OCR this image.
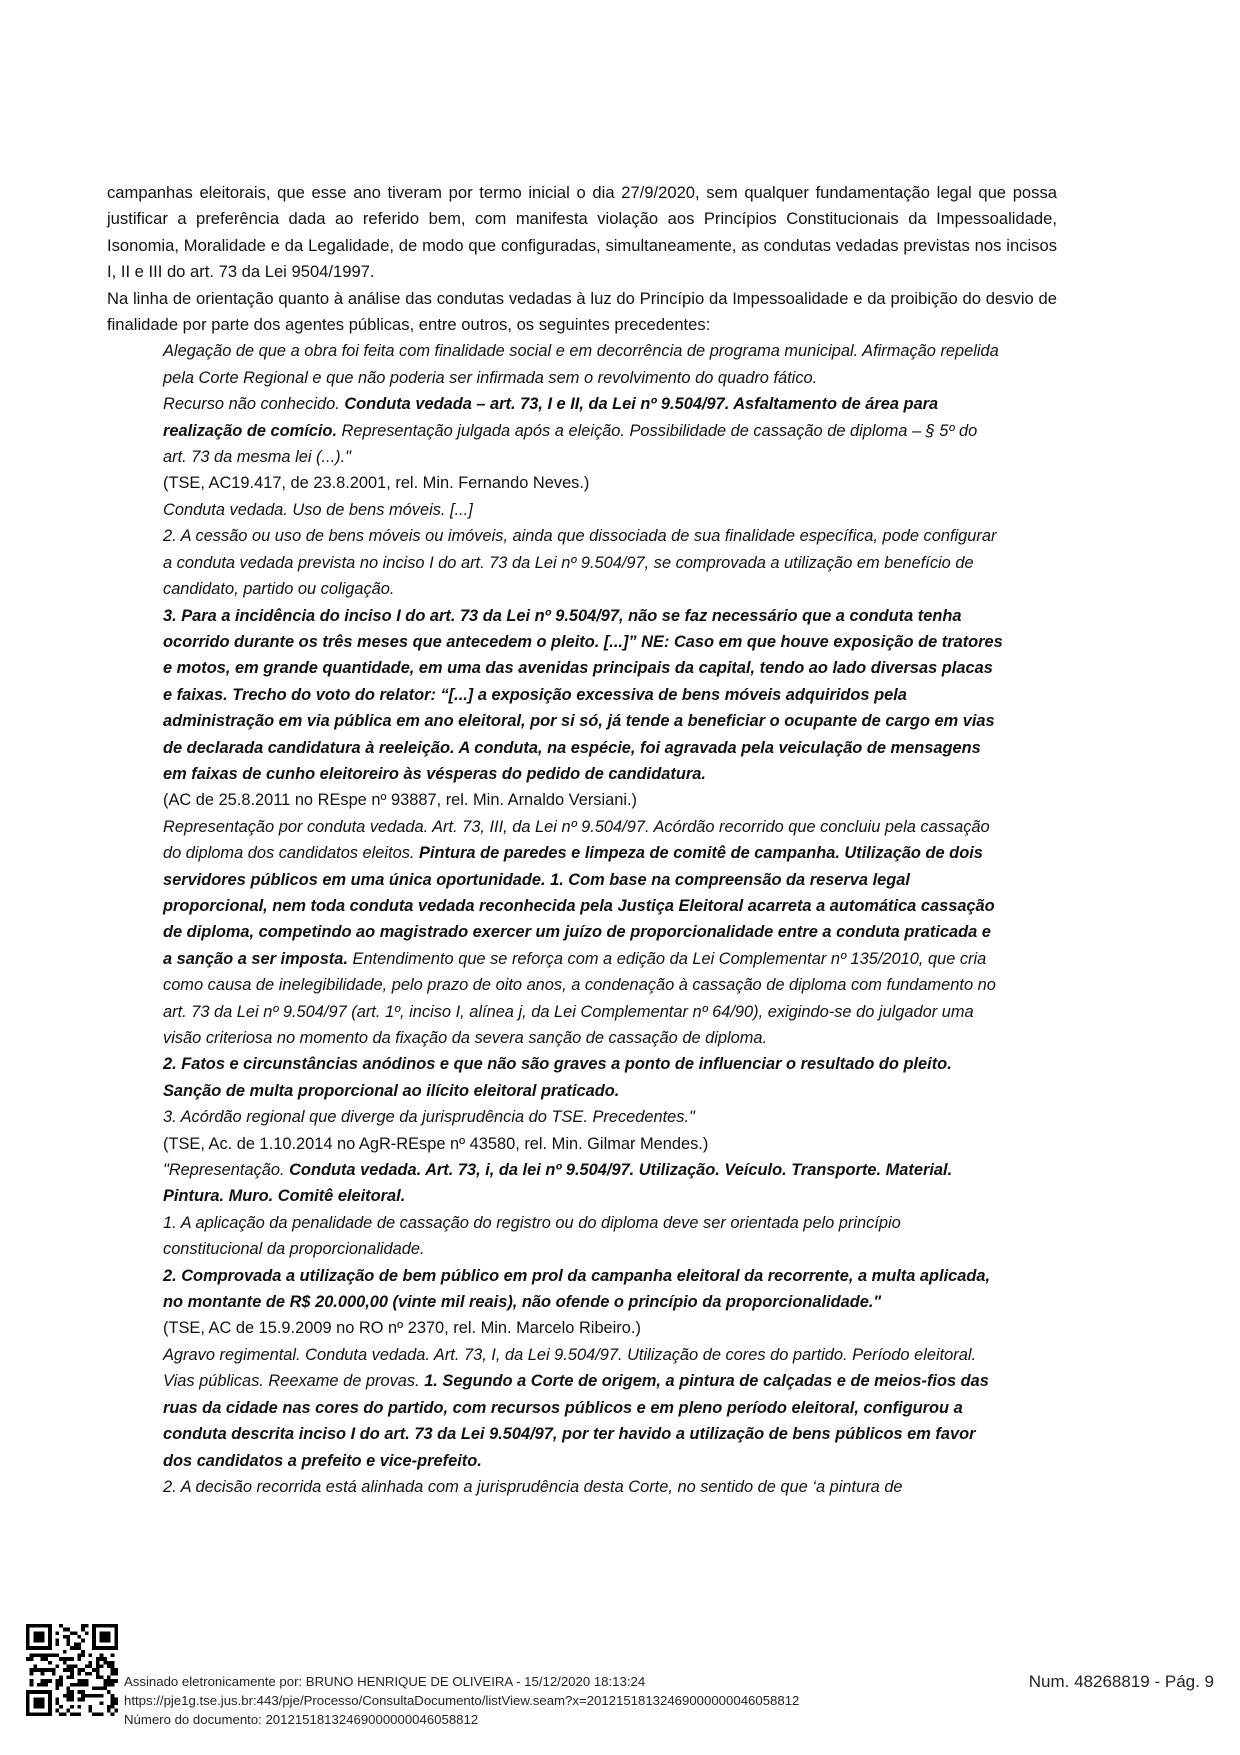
campanhas eleitorais, que esse ano tiveram por termo inicial o dia 27/9/2020, sem qualquer fundamentação legal que possa justificar a preferência dada ao referido bem, com manifesta violação aos Princípios Constitucionais da Impessoalidade, Isonomia, Moralidade e da Legalidade, de modo que configuradas, simultaneamente, as condutas vedadas previstas nos incisos I, II e III do art. 73 da Lei 9504/1997.

Na linha de orientação quanto à análise das condutas vedadas à luz do Princípio da Impessoalidade e da proibição do desvio de finalidade por parte dos agentes públicas, entre outros, os seguintes precedentes:

Alegação de que a obra foi feita com finalidade social e em decorrência de programa municipal. Afirmação repelida pela Corte Regional e que não poderia ser infirmada sem o revolvimento do quadro fático.

Recurso não conhecido. Conduta vedada – art. 73, I e II, da Lei nº 9.504/97. Asfaltamento de área para realização de comício. Representação julgada após a eleição. Possibilidade de cassação de diploma – § 5º do art. 73 da mesma lei (...)."

(TSE, AC19.417, de 23.8.2001, rel. Min. Fernando Neves.)

Conduta vedada. Uso de bens móveis. [...]

2. A cessão ou uso de bens móveis ou imóveis, ainda que dissociada de sua finalidade específica, pode configurar a conduta vedada prevista no inciso I do art. 73 da Lei nº 9.504/97, se comprovada a utilização em benefício de candidato, partido ou coligação.

3. Para a incidência do inciso I do art. 73 da Lei nº 9.504/97, não se faz necessário que a conduta tenha ocorrido durante os três meses que antecedem o pleito. [...]” NE: Caso em que houve exposição de tratores e motos, em grande quantidade, em uma das avenidas principais da capital, tendo ao lado diversas placas e faixas. Trecho do voto do relator: “[...] a exposição excessiva de bens móveis adquiridos pela administração em via pública em ano eleitoral, por si só, já tende a beneficiar o ocupante de cargo em vias de declarada candidatura à reeleição. A conduta, na espécie, foi agravada pela veiculação de mensagens em faixas de cunho eleitoreiro às vésperas do pedido de candidatura.

(AC de 25.8.2011 no REspe nº 93887, rel. Min. Arnaldo Versiani.)

Representação por conduta vedada. Art. 73, III, da Lei nº 9.504/97. Acórdão recorrido que concluiu pela cassação do diploma dos candidatos eleitos. Pintura de paredes e limpeza de comitê de campanha. Utilização de dois servidores públicos em uma única oportunidade. 1. Com base na compreensão da reserva legal proporcional, nem toda conduta vedada reconhecida pela Justiça Eleitoral acarreta a automática cassação de diploma, competindo ao magistrado exercer um juízo de proporcionalidade entre a conduta praticada e a sanção a ser imposta. Entendimento que se reforça com a edição da Lei Complementar nº 135/2010, que cria como causa de inelegibilidade, pelo prazo de oito anos, a condenação à cassação de diploma com fundamento no art. 73 da Lei nº 9.504/97 (art. 1º, inciso I, alínea j, da Lei Complementar nº 64/90), exigindo-se do julgador uma visão criteriosa no momento da fixação da severa sanção de cassação de diploma.

2. Fatos e circunstâncias anódinos e que não são graves a ponto de influenciar o resultado do pleito. Sanção de multa proporcional ao ilícito eleitoral praticado.

3. Acórdão regional que diverge da jurisprudência do TSE. Precedentes."

(TSE, Ac. de 1.10.2014 no AgR-REspe nº 43580, rel. Min. Gilmar Mendes.)

"Representação. Conduta vedada. Art. 73, i, da lei nº 9.504/97. Utilização. Veículo. Transporte. Material. Pintura. Muro. Comitê eleitoral.

1. A aplicação da penalidade de cassação do registro ou do diploma deve ser orientada pelo princípio constitucional da proporcionalidade.

2. Comprovada a utilização de bem público em prol da campanha eleitoral da recorrente, a multa aplicada, no montante de R$ 20.000,00 (vinte mil reais), não ofende o princípio da proporcionalidade."

(TSE, AC de 15.9.2009 no RO nº 2370, rel. Min. Marcelo Ribeiro.)

Agravo regimental. Conduta vedada. Art. 73, I, da Lei 9.504/97. Utilização de cores do partido. Período eleitoral. Vias públicas. Reexame de provas. 1. Segundo a Corte de origem, a pintura de calçadas e de meios-fios das ruas da cidade nas cores do partido, com recursos públicos e em pleno período eleitoral, configurou a conduta descrita inciso I do art. 73 da Lei 9.504/97, por ter havido a utilização de bens públicos em favor dos candidatos a prefeito e vice-prefeito.

2. A decisão recorrida está alinhada com a jurisprudência desta Corte, no sentido de que ‘a pintura de

Assinado eletronicamente por: BRUNO HENRIQUE DE OLIVEIRA - 15/12/2020 18:13:24
https://pje1g.tse.jus.br:443/pje/Processo/ConsultaDocumento/listView.seam?x=20121518132469000000046058812
Número do documento: 20121518132469000000046058812
Num. 48268819 - Pág. 9
